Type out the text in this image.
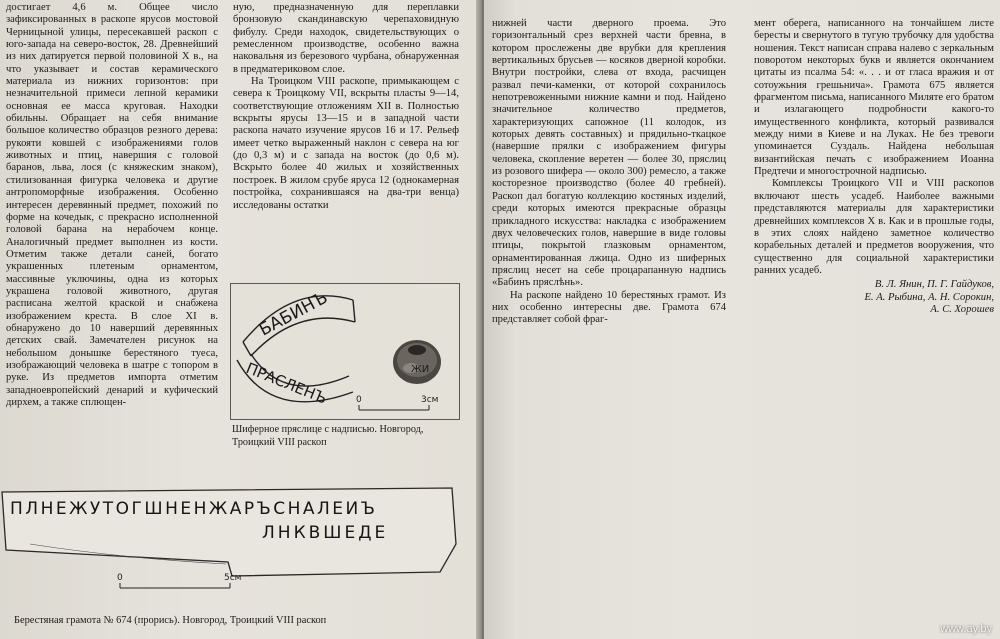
достигает 4,6 м. Общее число зафиксированных в раскопе ярусов мостовой Черницыной улицы, пересекавшей раскоп с юго-запада на северо-восток, 28. Древнейший из них датируется первой половиной X в., на что указывает и состав керамического материала из нижних горизонтов: при незначительной примеси лепной керамики основная ее масса круговая. Находки обильны. Обращает на себя внимание большое количество образцов резного дерева: рукояти ковшей с изображениями голов животных и птиц, навершия с головой баранов, льва, лося (с княжеским знаком), стилизованная фигурка человека и другие антропоморфные изображения. Особенно интересен деревянный предмет, похожий по форме на кочедык, с прекрасно исполненной головой барана на нерабочем конце. Аналогичный предмет выполнен из кости. Отметим также детали саней, богато украшенных плетеным орнаментом, массивные уключины, одна из которых украшена головой животного, другая расписана желтой краской и снабжена изображением креста. В слое XI в. обнаружено до 10 наверший деревянных детских свай. Замечателен рисунок на небольшом донышке берестяного туеса, изображающий человека в шатре с топором в руке. Из предметов импорта отметим западноевропейский денарий и куфический дирхем, а также сплющен-

ную, предназначенную для переплавки бронзовую скандинавскую черепаховидную фибулу. Среди находок, свидетельствующих о ремесленном производстве, особенно важна наковальня из березового чурбана, обнаруженная в предматериковом слое.

На Троицком VIII раскопе, примыкающем с севера к Троицкому VII, вскрыты пласты 9—14, соответствующие отложениям XII в. Полностью вскрыты ярусы 13—15 и в западной части раскопа начато изучение ярусов 16 и 17. Рельеф имеет четко выраженный наклон с севера на юг (до 0,3 м) и с запада на восток (до 0,6 м). Вскрыто более 40 жилых и хозяйственных построек. В жилом срубе яруса 12 (однокамерная постройка, сохранившаяся на два-три венца) исследованы остатки

БАБИНЪ
ПРАСЛЕНЪ	ЖИ
0	3см
Шиферное пряслице с надписью. Новгород, Троицкий VIII раскоп
ПЛНЕЖУТОГШНЕНЖАРЪСНАЛЕИЪ
ЛНКВШЕДЕ
0	5см
Берестяная грамота № 674 (прорись). Новгород, Троицкий VIII раскоп

нижней части дверного проема. Это горизонтальный срез верхней части бревна, в котором прослежены две врубки для крепления вертикальных брусьев — косяков дверной коробки. Внутри постройки, слева от входа, расчищен развал печи-каменки, от которой сохранилось непотревоженными нижние камни и под. Найдено значительное количество предметов, характеризующих сапожное (11 колодок, из которых девять составных) и прядильно-ткацкое (навершие прялки с изображением фигуры человека, скопление веретен — более 30, пряслиц из розового шифера — около 300) ремесло, а также косторезное производство (более 40 гребней). Раскоп дал богатую коллекцию костяных изделий, среди которых имеются прекрасные образцы прикладного искусства: накладка с изображением двух человеческих голов, навершие в виде головы птицы, покрытой глазковым орнаментом, орнаментированная лжица. Одно из шиферных пряслиц несет на себе процарапанную надпись «Бабинъ пряслѣнь».

На раскопе найдено 10 берестяных грамот. Из них особенно интересны две. Грамота 674 представляет собой фраг-

мент оберега, написанного на тончайшем листе бересты и свернутого в тугую трубочку для удобства ношения. Текст написан справа налево с зеркальным поворотом некоторых букв и является окончанием цитаты из псалма 54: «. . . и от гласа вражия и от сотоужьния грешьнича». Грамота 675 является фрагментом письма, написанного Миляте его братом и излагающего подробности какого-то имущественного конфликта, который развивался между ними в Киеве и на Луках. Не без тревоги упоминается Суздаль. Найдена небольшая византийская печать с изображением Иоанна Предтечи и многострочной надписью.

Комплексы Троицкого VII и VIII раскопов включают шесть усадеб. Наиболее важными представляются материалы для характеристики древнейших комплексов X в. Как и в прошлые годы, в этих слоях найдено заметное количество корабельных деталей и предметов вооружения, что существенно для социальной характеристики ранних усадеб.

В. Л. Янин, П. Г. Гайдуков,
Е. А. Рыбина, А. Н. Сорокин,
А. С. Хорошев

www.ay.by
